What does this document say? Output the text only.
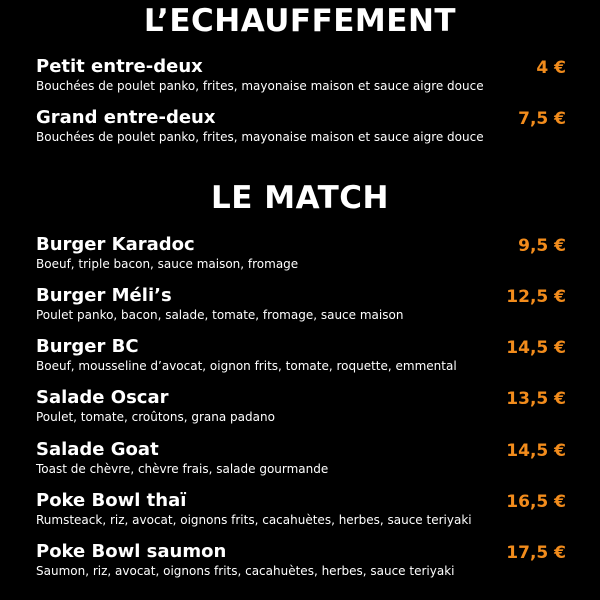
L’ECHAUFFEMENT
Petit entre-deux
Bouchées de poulet panko, frites, mayonaise maison et sauce aigre douce
4 €
Grand entre-deux
Bouchées de poulet panko, frites, mayonaise maison et sauce aigre douce
7,5 €
LE MATCH
Burger Karadoc
Boeuf, triple bacon, sauce maison, fromage
9,5 €
Burger Méli’s
Poulet panko, bacon, salade, tomate, fromage, sauce maison
12,5 €
Burger BC
Boeuf, mousseline d’avocat, oignon frits, tomate, roquette, emmental
14,5 €
Salade Oscar
Poulet, tomate, croûtons, grana padano
13,5 €
Salade Goat
Toast de chèvre, chèvre frais, salade gourmande
14,5 €
Poke Bowl thaï
Rumsteack, riz, avocat, oignons frits, cacahuètes, herbes, sauce teriyaki
16,5 €
Poke Bowl saumon
Saumon, riz, avocat, oignons frits, cacahuètes, herbes, sauce teriyaki
17,5 €
